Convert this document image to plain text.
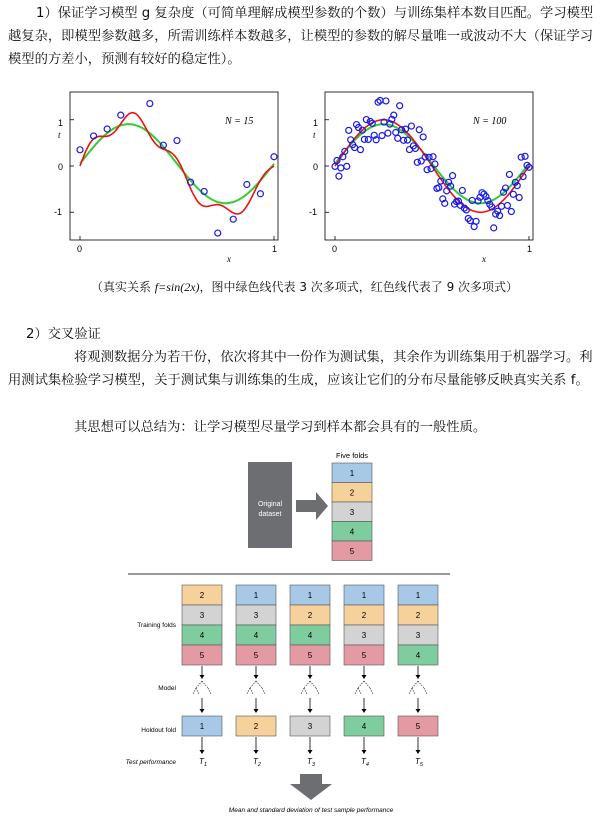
1）保证学习模型 g 复杂度（可简单理解成模型参数的个数）与训练集样本数目匹配。学习模型越复杂，即模型参数越多，所需训练样本数越多，让模型的参数的解尽量唯一或波动不大（保证学习模型的方差小，预测有较好的稳定性）。

N = 15
t
1
0
-1
0	1
x
N = 100
t
1
0
-1
0	1
x
（真实关系 f=sin(2x)，图中绿色线代表 3 次多项式，红色线代表了 9 次多项式）
2）交叉验证

将观测数据分为若干份，依次将其中一份作为测试集，其余作为训练集用于机器学习。利用测试集检验学习模型，关于测试集与训练集的生成，应该让它们的分布尽量能够反映真实关系 f。

其思想可以总结为：让学习模型尽量学习到样本都会具有的一般性质。

Original
dataset
Five folds
1
2
3
4
5
Training folds
Model
Holdout fold
Test performance
2
3
4
5
1
$T_1$
1
3
4
5
2
$T_2$
1
2
4
5
3
$T_3$
1
2
3
5
4
$T_4$
1
2
3
4
5
$T_5$
Mean and standard deviation of test sample performance
